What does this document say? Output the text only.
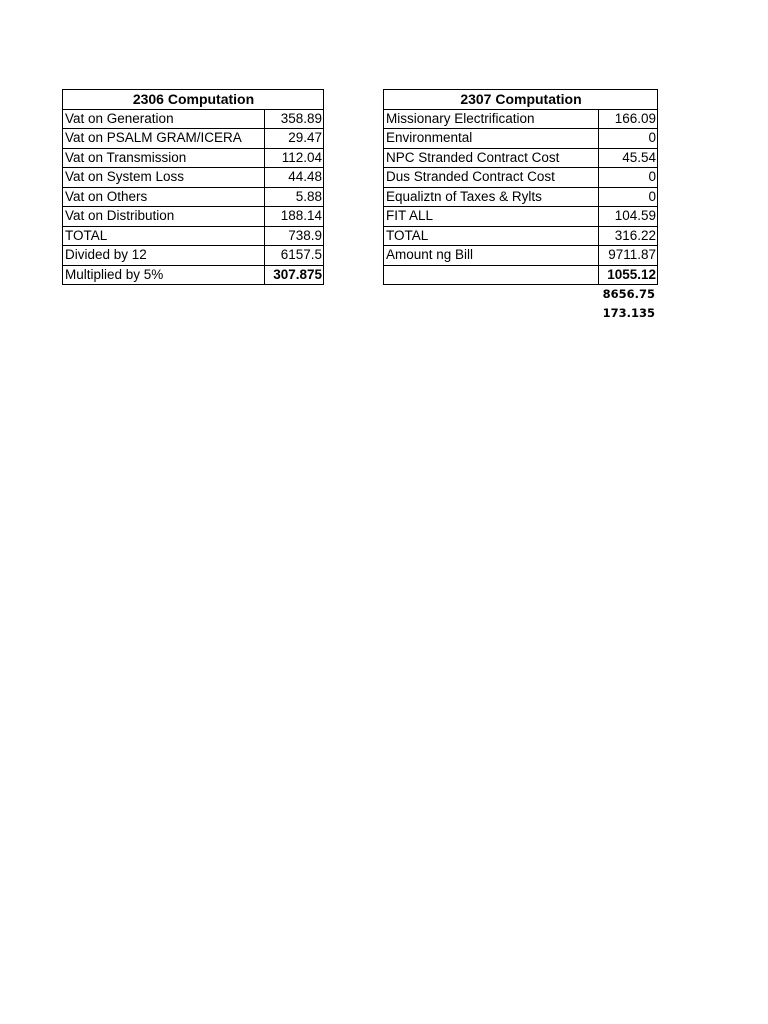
2306 Computation	
Vat on Generation	358.89
Vat on PSALM GRAM/ICERA	29.47
Vat on Transmission	112.04
Vat on System Loss	44.48
Vat on Others	5.88
Vat on Distribution	188.14
TOTAL	738.9
Divided by 12	6157.5
Multiplied by 5%	307.875
2307 Computation	
Missionary Electrification	166.09
Environmental	0
NPC Stranded Contract Cost	45.54
Dus Stranded Contract Cost	0
Equaliztn of Taxes & Rylts	0
FIT ALL	104.59
TOTAL	316.22
Amount ng Bill	9711.87
	1055.12
8656.75
173.135
